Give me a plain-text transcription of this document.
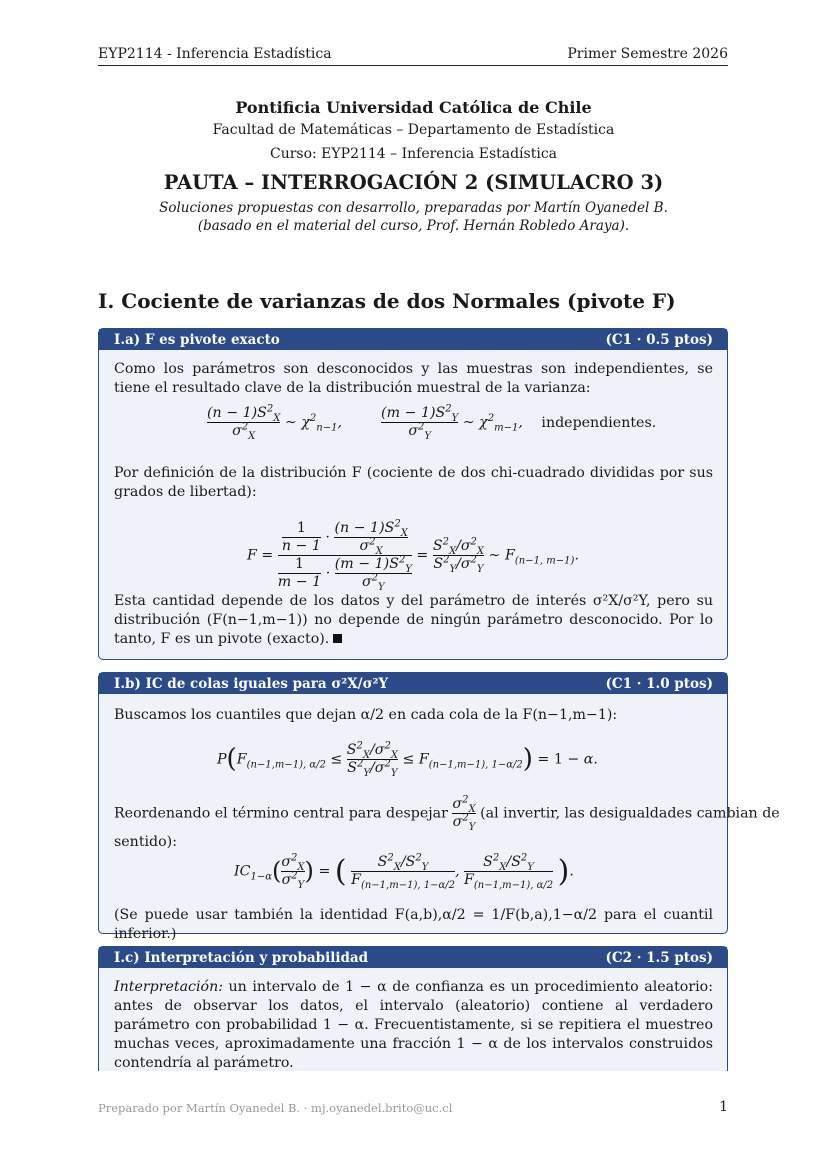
EYP2114 - Inferencia Estadística	Primer Semestre 2026
Pontificia Universidad Católica de Chile
Facultad de Matemáticas – Departamento de Estadística
Curso: EYP2114 – Inferencia Estadística
PAUTA – INTERROGACIÓN 2 (SIMULACRO 3)
Soluciones propuestas con desarrollo, preparadas por Martín Oyanedel B.
(basado en el material del curso, Prof. Hernán Robledo Araya).
I. Cociente de varianzas de dos Normales (pivote F)
I.a) F es pivote exacto	(C1 · 0.5 ptos)
Como los parámetros son desconocidos y las muestras son independientes, se tiene el resultado clave de la distribución muestral de la varianza:
$\frac{(n - 1)S^2_X}{\sigma^2_X}$ ∼ $\chi^2_{n-1}$, $\frac{(m - 1)S^2_Y}{\sigma^2_Y}$ ∼ $\chi^2_{m-1}$, independientes.
Por definición de la distribución F (cociente de dos chi-cuadrado divididas por sus grados de libertad):
$F = \frac{\frac{1}{n - 1} \cdot \frac{(n - 1)S^2_X}{\sigma^2_X}}{\frac{1}{m - 1} \cdot \frac{(m - 1)S^2_Y}{\sigma^2_Y}} = \frac{S^2_X/\sigma^2_X}{S^2_Y/\sigma^2_Y}$ ∼ $F_{(n-1, m-1)}$.
Esta cantidad depende de los datos y del parámetro de interés σ²X/σ²Y, pero su distribución (F(n−1,m−1)) no depende de ningún parámetro desconocido. Por lo tanto, F es un pivote (exacto).
I.b) IC de colas iguales para σ²X/σ²Y	(C1 · 1.0 ptos)
Buscamos los cuantiles que dejan α/2 en cada cola de la F(n−1,m−1):
$P(F_{(n-1,m-1), \alpha/2} \le \frac{S^2_X/\sigma^2_X}{S^2_Y/\sigma^2_Y} \le F_{(n-1,m-1), 1-\alpha/2}) = 1 - \alpha$.
Reordenando el término central para despejar $\frac{\sigma^2_X}{\sigma^2_Y} (al$ invertir, las desigualdades cambian de
sentido):
$IC_{1-\alpha}( \frac{\sigma^2_X}{\sigma^2_Y}$ ) = ( $\frac{S^2_X/S^2_Y}{F_{(n-1,m-1), 1-\alpha/2}}$ , $\frac{S^2_X/S^2_Y}{F_{(n-1,m-1), \alpha/2}}$ ).
(Se puede usar también la identidad F(a,b),α/2 = 1/F(b,a),1−α/2 para el cuantil inferior.)
I.c) Interpretación y probabilidad	(C2 · 1.5 ptos)
Interpretación: un intervalo de 1 − α de confianza es un procedimiento aleatorio: antes de observar los datos, el intervalo (aleatorio) contiene al verdadero parámetro con probabilidad 1 − α. Frecuentistamente, si se repitiera el muestreo muchas veces, aproximadamente una fracción 1 − α de los intervalos construidos contendría al parámetro.
Preparado por Martín Oyanedel B. · mj.oyanedel.brito@uc.cl	1
